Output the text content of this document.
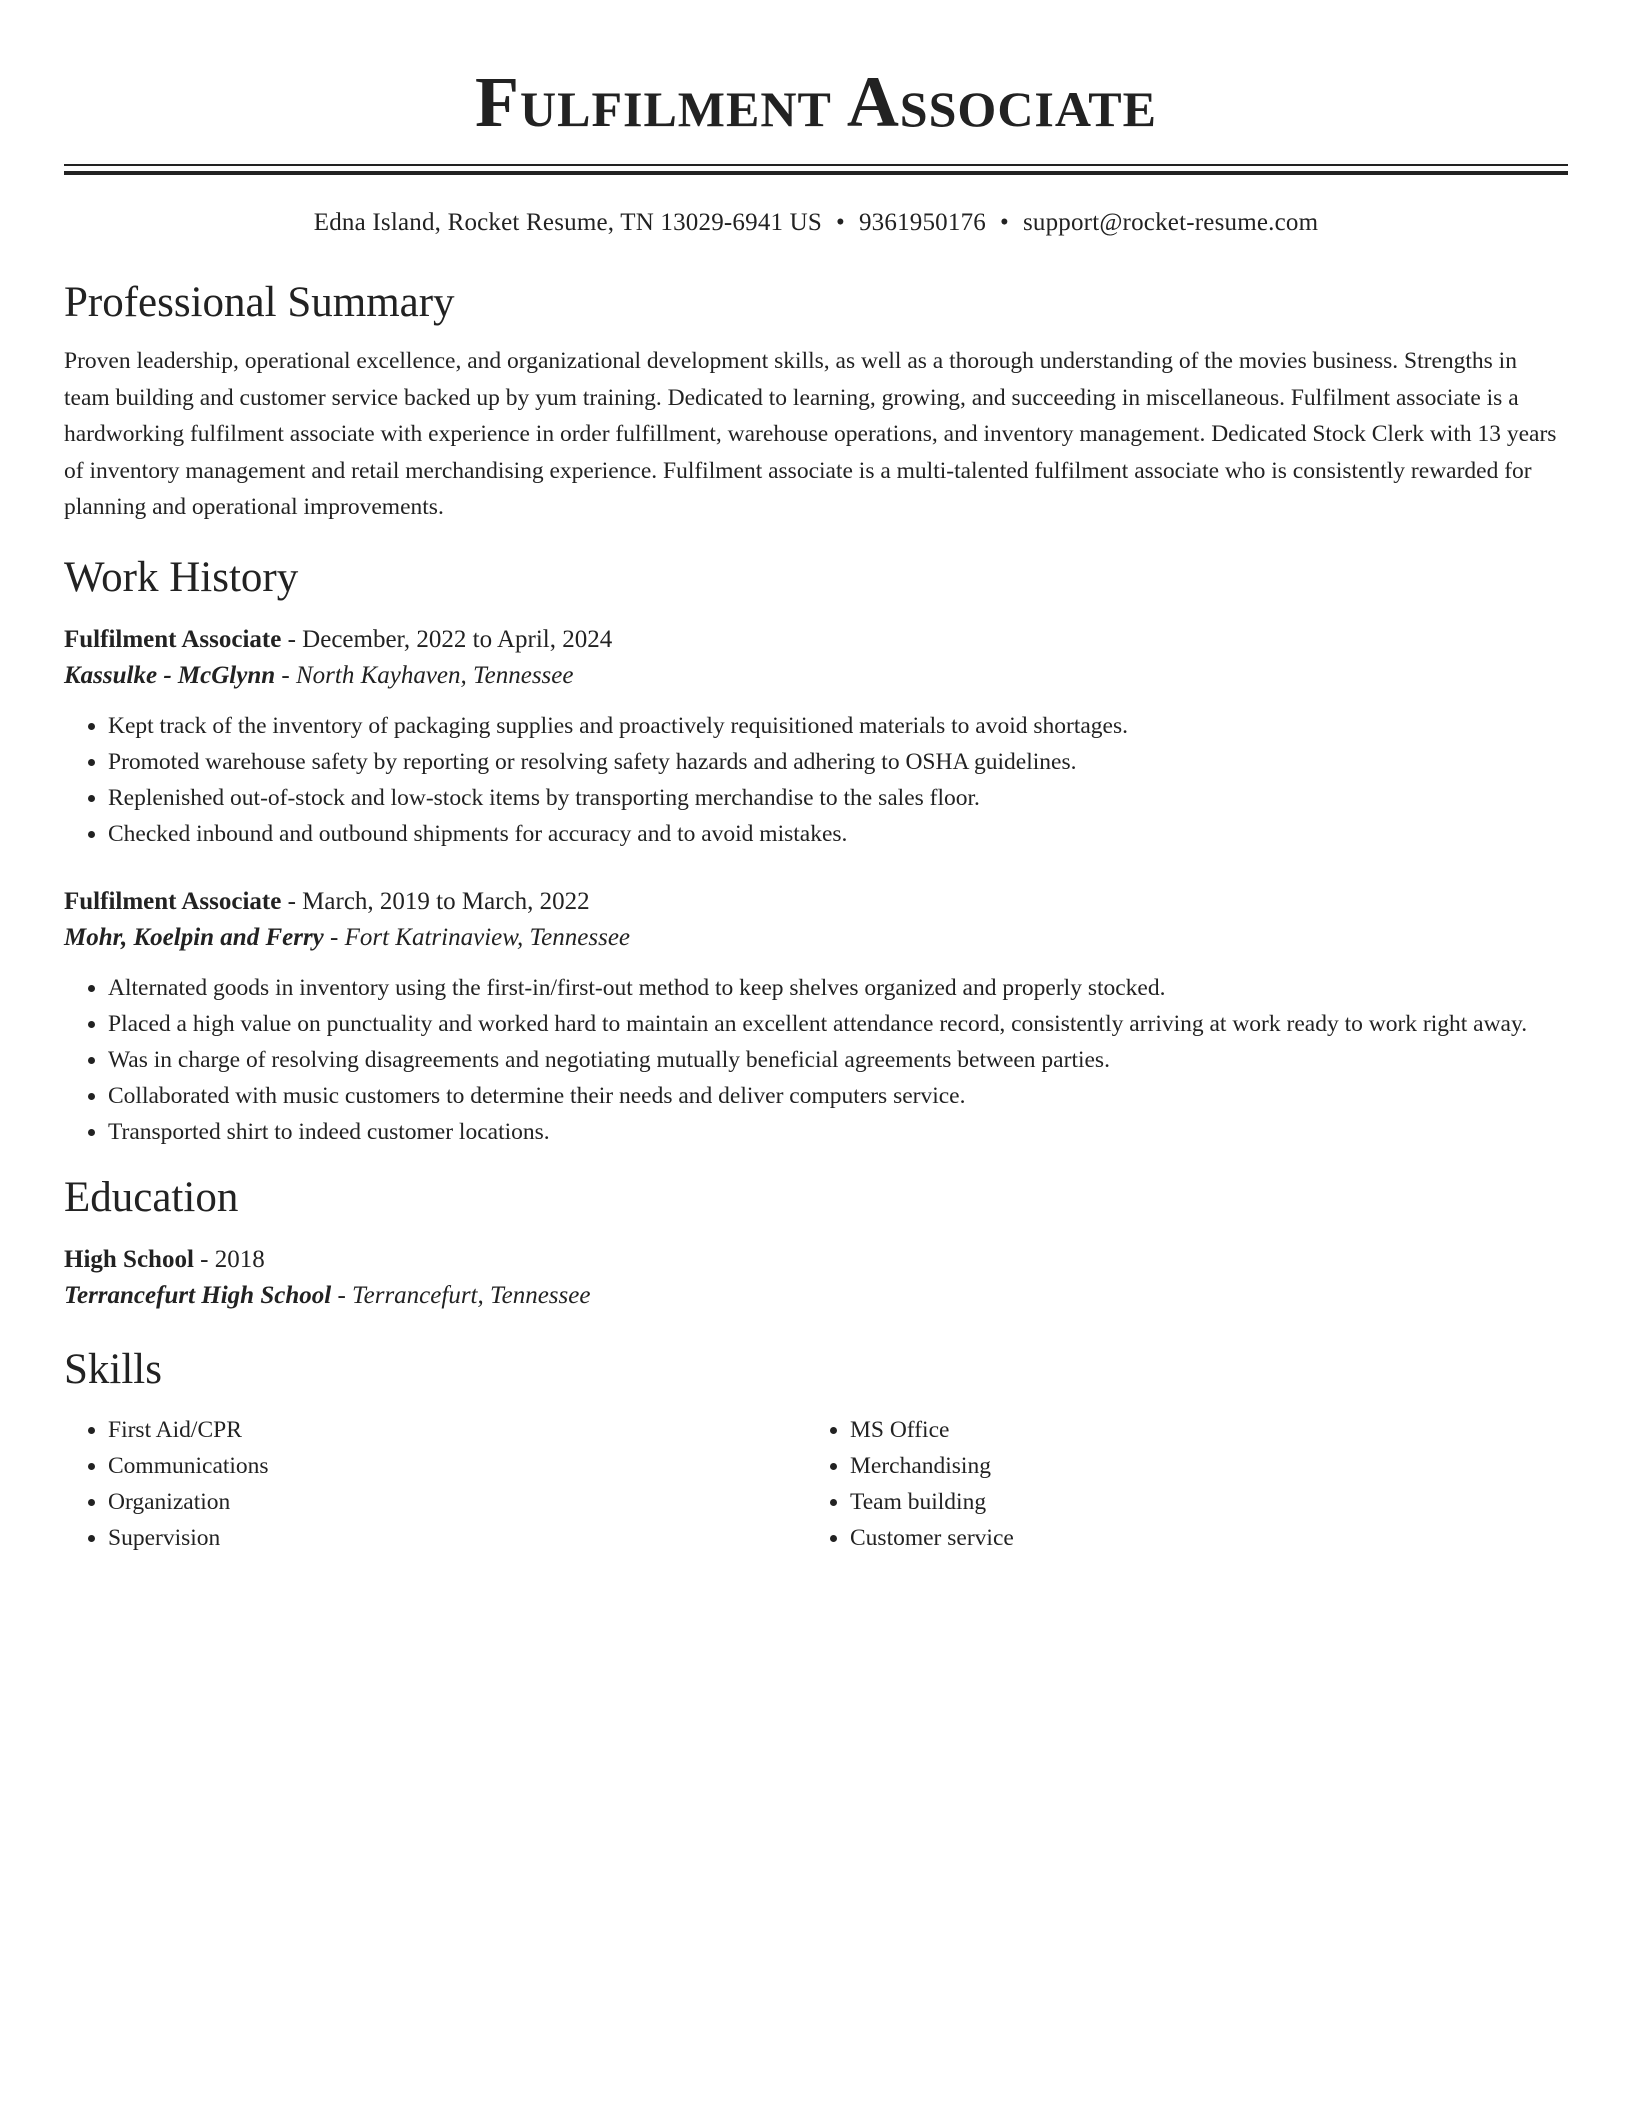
Fulfilment Associate
Edna Island, Rocket Resume, TN 13029-6941 US • 9361950176 • support@rocket-resume.com
Professional Summary

Proven leadership, operational excellence, and organizational development skills, as well as a thorough understanding of the movies business. Strengths in team building and customer service backed up by yum training. Dedicated to learning, growing, and succeeding in miscellaneous. Fulfilment associate is a hardworking fulfilment associate with experience in order fulfillment, warehouse operations, and inventory management. Dedicated Stock Clerk with 13 years of inventory management and retail merchandising experience. Fulfilment associate is a multi-talented fulfilment associate who is consistently rewarded for planning and operational improvements.

Work History
Fulfilment Associate - December, 2022 to April, 2024
Kassulke - McGlynn - North Kayhaven, Tennessee
• Kept track of the inventory of packaging supplies and proactively requisitioned materials to avoid shortages.
• Promoted warehouse safety by reporting or resolving safety hazards and adhering to OSHA guidelines.
• Replenished out-of-stock and low-stock items by transporting merchandise to the sales floor.
• Checked inbound and outbound shipments for accuracy and to avoid mistakes.
Fulfilment Associate - March, 2019 to March, 2022
Mohr, Koelpin and Ferry - Fort Katrinaview, Tennessee
• Alternated goods in inventory using the first-in/first-out method to keep shelves organized and properly stocked.
• Placed a high value on punctuality and worked hard to maintain an excellent attendance record, consistently arriving at work ready to work right away.
• Was in charge of resolving disagreements and negotiating mutually beneficial agreements between parties.
• Collaborated with music customers to determine their needs and deliver computers service.
• Transported shirt to indeed customer locations.
Education
High School - 2018
Terrancefurt High School - Terrancefurt, Tennessee
Skills
• First Aid/CPR
• Communications
• Organization
• Supervision
• MS Office
• Merchandising
• Team building
• Customer service
